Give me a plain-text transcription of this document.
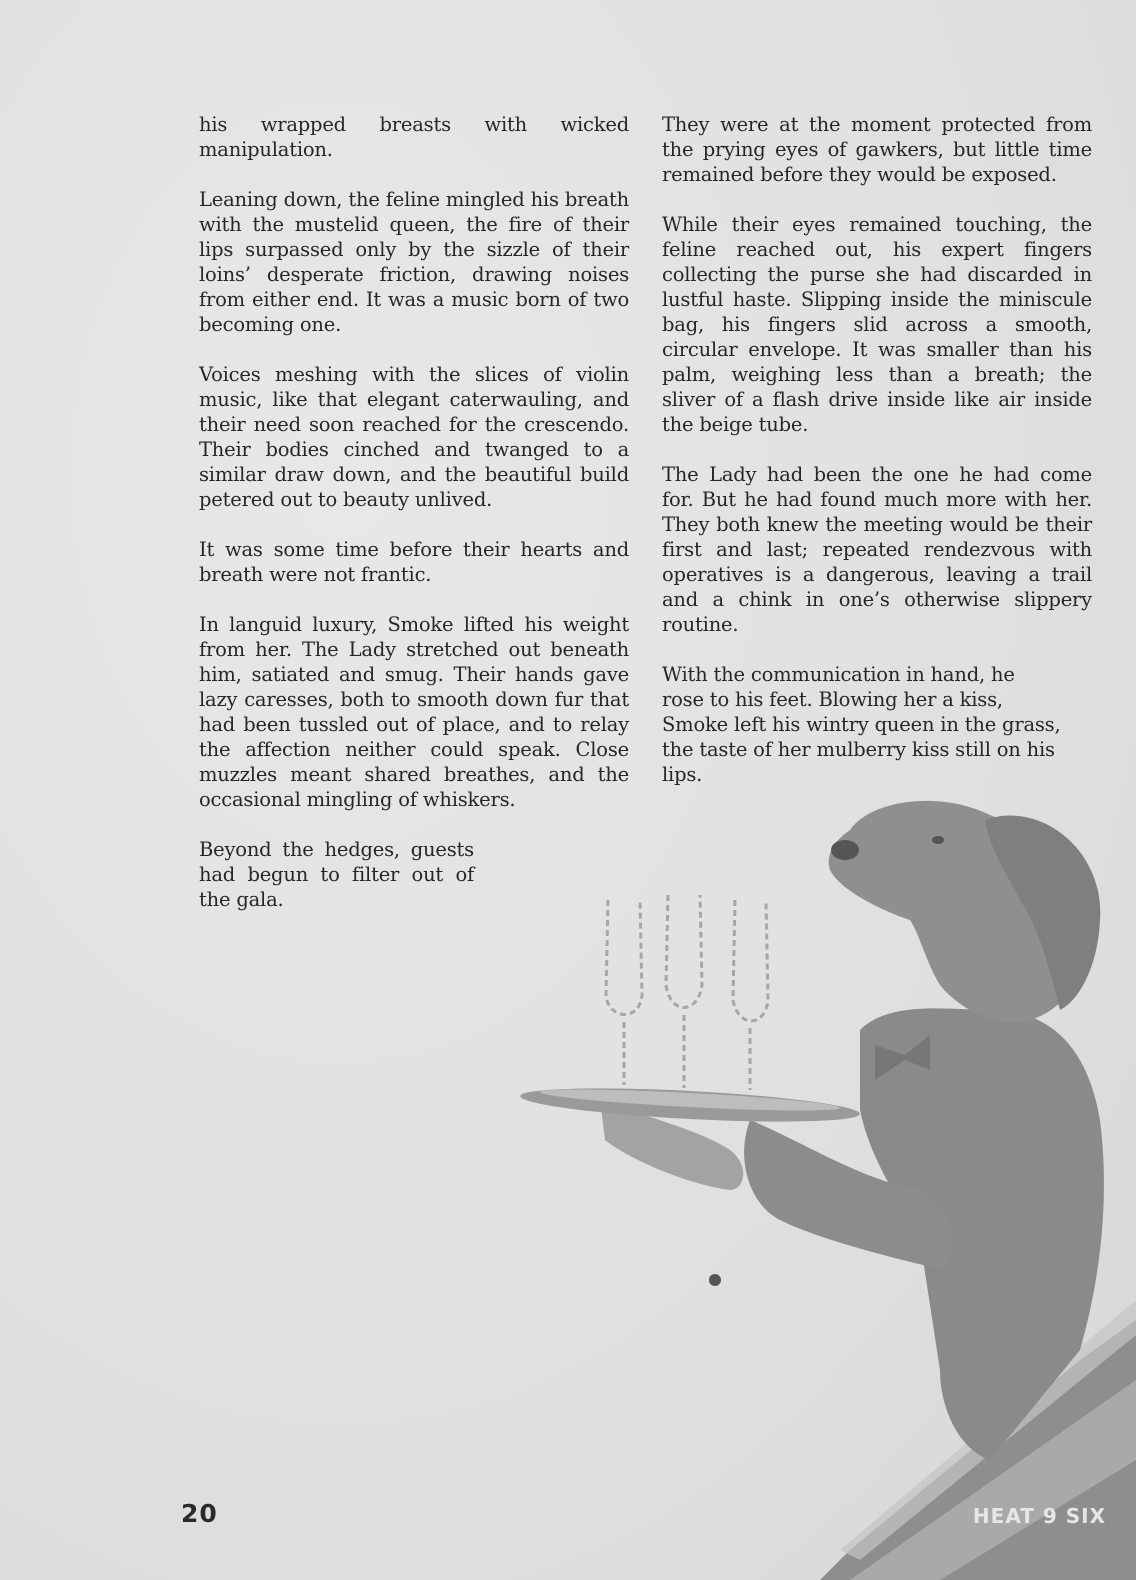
his wrapped breasts with wicked manipulation.

Leaning down, the feline mingled his breath with the mustelid queen, the fire of their lips surpassed only by the sizzle of their loins’ desperate friction, drawing noises from either end. It was a music born of two becoming one.

Voices meshing with the slices of violin music, like that elegant caterwauling, and their need soon reached for the crescendo. Their bodies cinched and twanged to a similar draw down, and the beautiful build petered out to beauty unlived.

It was some time before their hearts and breath were not frantic.

In languid luxury, Smoke lifted his weight from her. The Lady stretched out beneath him, satiated and smug. Their hands gave lazy caresses, both to smooth down fur that had been tussled out of place, and to relay the affection neither could speak. Close muzzles meant shared breathes, and the occasional mingling of whiskers.

Beyond the hedges, guests had begun to filter out of the gala.

They were at the moment protected from the prying eyes of gawkers, but little time remained before they would be exposed.

While their eyes remained touching, the feline reached out, his expert fingers collecting the purse she had discarded in lustful haste. Slipping inside the miniscule bag, his fingers slid across a smooth, circular envelope. It was smaller than his palm, weighing less than a breath; the sliver of a flash drive inside like air inside the beige tube.

The Lady had been the one he had come for. But he had found much more with her. They both knew the meeting would be their first and last; repeated rendezvous with operatives is a dangerous, leaving a trail and a chink in one’s otherwise slippery routine.

With the communication in hand, he rose to his feet. Blowing her a kiss, Smoke left his wintry queen in the grass, the taste of her mulberry kiss still on his lips.

20	HEAT 9 SIX
